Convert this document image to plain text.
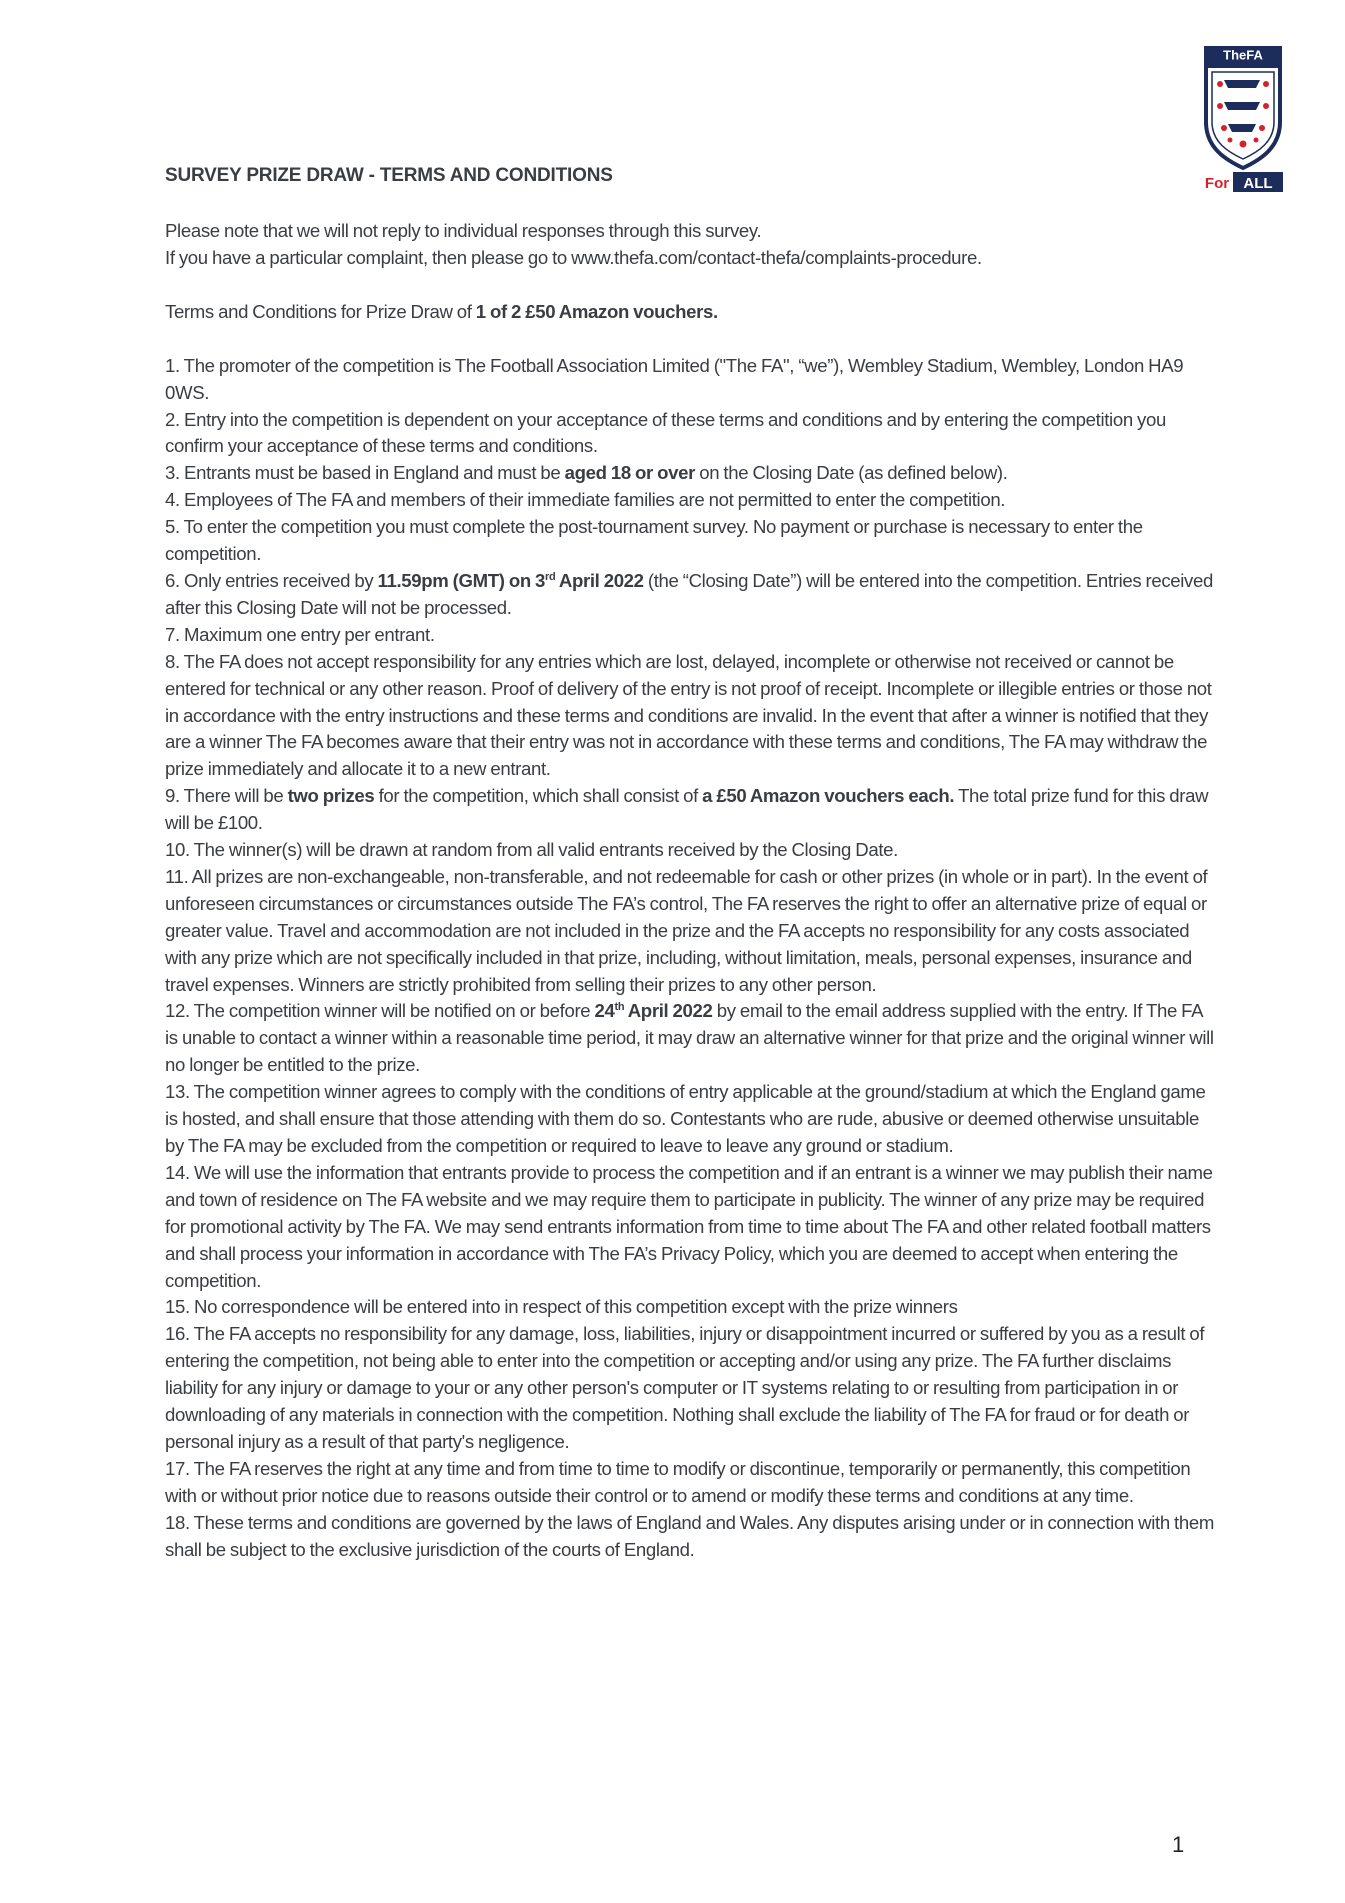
TheFA
For ALL
SURVEY PRIZE DRAW - TERMS AND CONDITIONS

Please note that we will not reply to individual responses through this survey.

If you have a particular complaint, then please go to www.thefa.com/contact-thefa/complaints-procedure.

Terms and Conditions for Prize Draw of 1 of 2 £50 Amazon vouchers.

1. The promoter of the competition is The Football Association Limited ("The FA", “we”), Wembley Stadium, Wembley, London HA9 0WS.

2. Entry into the competition is dependent on your acceptance of these terms and conditions and by entering the competition you confirm your acceptance of these terms and conditions.

3. Entrants must be based in England and must be aged 18 or over on the Closing Date (as defined below).

4. Employees of The FA and members of their immediate families are not permitted to enter the competition.

5. To enter the competition you must complete the post-tournament survey. No payment or purchase is necessary to enter the competition.

6. Only entries received by 11.59pm (GMT) on 3rd April 2022 (the “Closing Date”) will be entered into the competition. Entries received after this Closing Date will not be processed.

7. Maximum one entry per entrant.

8. The FA does not accept responsibility for any entries which are lost, delayed, incomplete or otherwise not received or cannot be entered for technical or any other reason. Proof of delivery of the entry is not proof of receipt. Incomplete or illegible entries or those not in accordance with the entry instructions and these terms and conditions are invalid. In the event that after a winner is notified that they are a winner The FA becomes aware that their entry was not in accordance with these terms and conditions, The FA may withdraw the prize immediately and allocate it to a new entrant.

9. There will be two prizes for the competition, which shall consist of a £50 Amazon vouchers each. The total prize fund for this draw will be £100.

10. The winner(s) will be drawn at random from all valid entrants received by the Closing Date.

11. All prizes are non-exchangeable, non-transferable, and not redeemable for cash or other prizes (in whole or in part). In the event of unforeseen circumstances or circumstances outside The FA’s control, The FA reserves the right to offer an alternative prize of equal or greater value. Travel and accommodation are not included in the prize and the FA accepts no responsibility for any costs associated with any prize which are not specifically included in that prize, including, without limitation, meals, personal expenses, insurance and travel expenses. Winners are strictly prohibited from selling their prizes to any other person.

12. The competition winner will be notified on or before 24th April 2022 by email to the email address supplied with the entry. If The FA is unable to contact a winner within a reasonable time period, it may draw an alternative winner for that prize and the original winner will no longer be entitled to the prize.

13. The competition winner agrees to comply with the conditions of entry applicable at the ground/stadium at which the England game is hosted, and shall ensure that those attending with them do so. Contestants who are rude, abusive or deemed otherwise unsuitable by The FA may be excluded from the competition or required to leave to leave any ground or stadium.

14. We will use the information that entrants provide to process the competition and if an entrant is a winner we may publish their name and town of residence on The FA website and we may require them to participate in publicity. The winner of any prize may be required for promotional activity by The FA. We may send entrants information from time to time about The FA and other related football matters and shall process your information in accordance with The FA’s Privacy Policy, which you are deemed to accept when entering the competition.

15. No correspondence will be entered into in respect of this competition except with the prize winners

16. The FA accepts no responsibility for any damage, loss, liabilities, injury or disappointment incurred or suffered by you as a result of entering the competition, not being able to enter into the competition or accepting and/or using any prize. The FA further disclaims liability for any injury or damage to your or any other person's computer or IT systems relating to or resulting from participation in or downloading of any materials in connection with the competition. Nothing shall exclude the liability of The FA for fraud or for death or personal injury as a result of that party's negligence.

17. The FA reserves the right at any time and from time to time to modify or discontinue, temporarily or permanently, this competition with or without prior notice due to reasons outside their control or to amend or modify these terms and conditions at any time.

18. These terms and conditions are governed by the laws of England and Wales. Any disputes arising under or in connection with them shall be subject to the exclusive jurisdiction of the courts of England.

1
